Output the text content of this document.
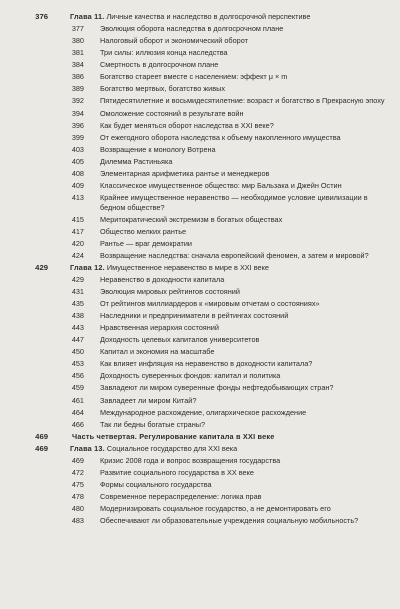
376	Глава 11. Личные качества и наследство в долгосрочной перспективе
377	Эволюция оборота наследства в долгосрочном плане
380	Налоговый оборот и экономический оборот
381	Три силы: иллюзия конца наследства
384	Смертность в долгосрочном плане
386	Богатство стареет вместе с населением: эффект μ × m
389	Богатство мертвых, богатство живых
392	Пятидесятилетние и восьмидесятилетние: возраст и богатство в Прекрасную эпоху
394	Омоложение состояний в результате войн
396	Как будет меняться оборот наследства в XXI веке?
399	От ежегодного оборота наследства к объему накопленного имущества
403	Возвращение к монологу Вотрена
405	Дилемма Растиньяка
408	Элементарная арифметика рантье и менеджеров
409	Классическое имущественное общество: мир Бальзака и Джейн Остин
413	Крайнее имущественное неравенство — необходимое условие цивилизации в бедном обществе?
415	Меритократический экстремизм в богатых обществах
417	Общество мелких рантье
420	Рантье — враг демократии
424	Возвращение наследства: сначала европейский феномен, а затем и мировой?
429	Глава 12. Имущественное неравенство в мире в XXI веке
429	Неравенство в доходности капитала
431	Эволюция мировых рейтингов состояний
435	От рейтингов миллиардеров к «мировым отчетам о состояниях»
438	Наследники и предприниматели в рейтингах состояний
443	Нравственная иерархия состояний
447	Доходность целевых капиталов университетов
450	Капитал и экономия на масштабе
453	Как влияет инфляция на неравенство в доходности капитала?
456	Доходность суверенных фондов: капитал и политика
459	Завладеют ли миром суверенные фонды нефтедобывающих стран?
461	Завладеет ли миром Китай?
464	Международное расхождение, олигархическое расхождение
466	Так ли бедны богатые страны?
469	Часть четвертая. Регулирование капитала в XXI веке
469	Глава 13. Социальное государство для XXI века
469	Кризис 2008 года и вопрос возвращения государства
472	Развитие социального государства в XX веке
475	Формы социального государства
478	Современное перераспределение: логика прав
480	Модернизировать социальное государство, а не демонтировать его
483	Обеспечивают ли образовательные учреждения социальную мобильность?
